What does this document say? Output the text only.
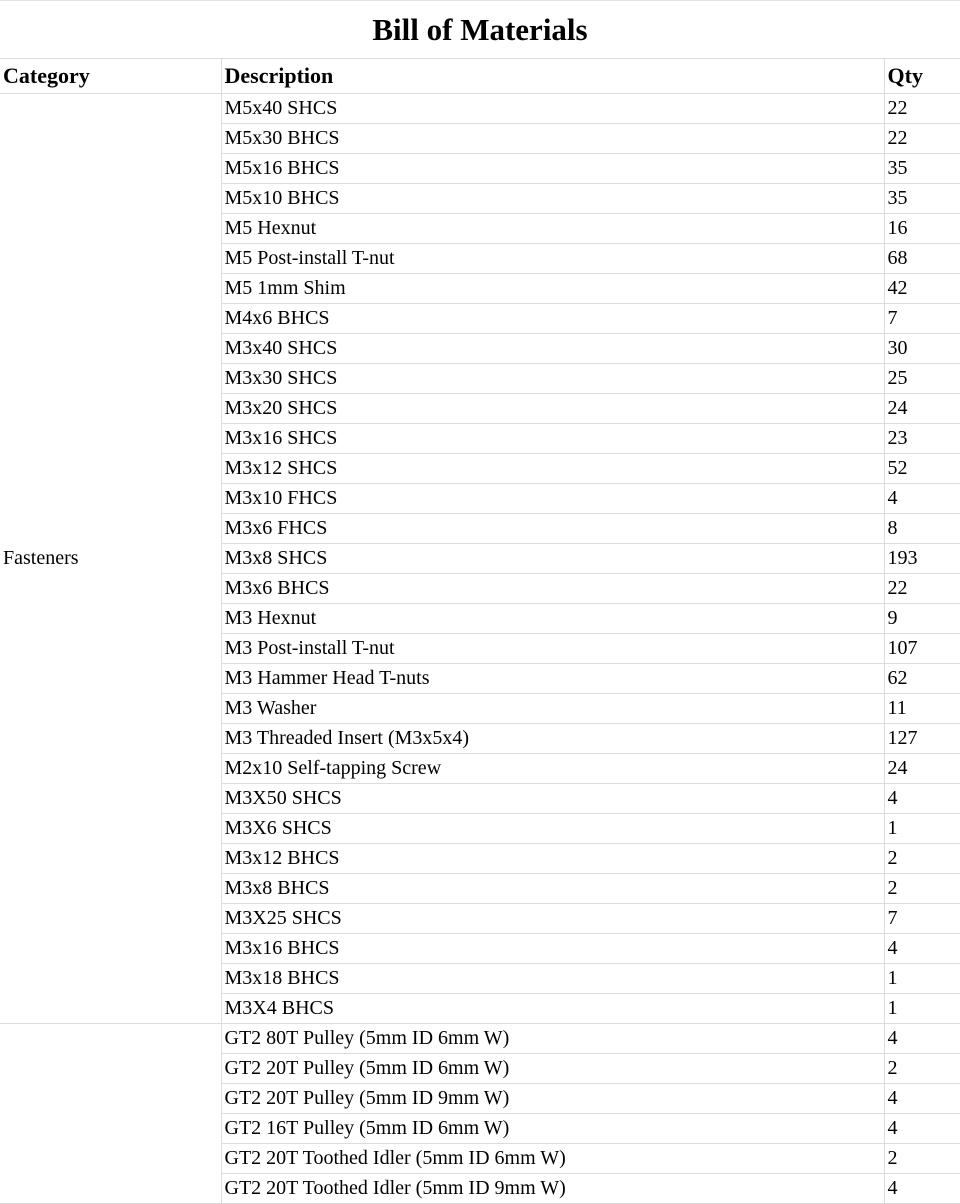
Bill of Materials
Category	Description	Qty
Fasteners	M5x40 SHCS	22
	M5x30 BHCS	22
	M5x16 BHCS	35
	M5x10 BHCS	35
	M5 Hexnut	16
	M5 Post-install T-nut	68
	M5 1mm Shim	42
	M4x6 BHCS	7
	M3x40 SHCS	30
	M3x30 SHCS	25
	M3x20 SHCS	24
	M3x16 SHCS	23
	M3x12 SHCS	52
	M3x10 FHCS	4
	M3x6 FHCS	8
	M3x8 SHCS	193
	M3x6 BHCS	22
	M3 Hexnut	9
	M3 Post-install T-nut	107
	M3 Hammer Head T-nuts	62
	M3 Washer	11
	M3 Threaded Insert (M3x5x4)	127
	M2x10 Self-tapping Screw	24
	M3X50 SHCS	4
	M3X6 SHCS	1
	M3x12 BHCS	2
	M3x8 BHCS	2
	M3X25 SHCS	7
	M3x16 BHCS	4
	M3x18 BHCS	1
	M3X4 BHCS	1
	GT2 80T Pulley (5mm ID 6mm W)	4
	GT2 20T Pulley (5mm ID 6mm W)	2
	GT2 20T Pulley (5mm ID 9mm W)	4
	GT2 16T Pulley (5mm ID 6mm W)	4
	GT2 20T Toothed Idler (5mm ID 6mm W)	2
	GT2 20T Toothed Idler (5mm ID 9mm W)	4
